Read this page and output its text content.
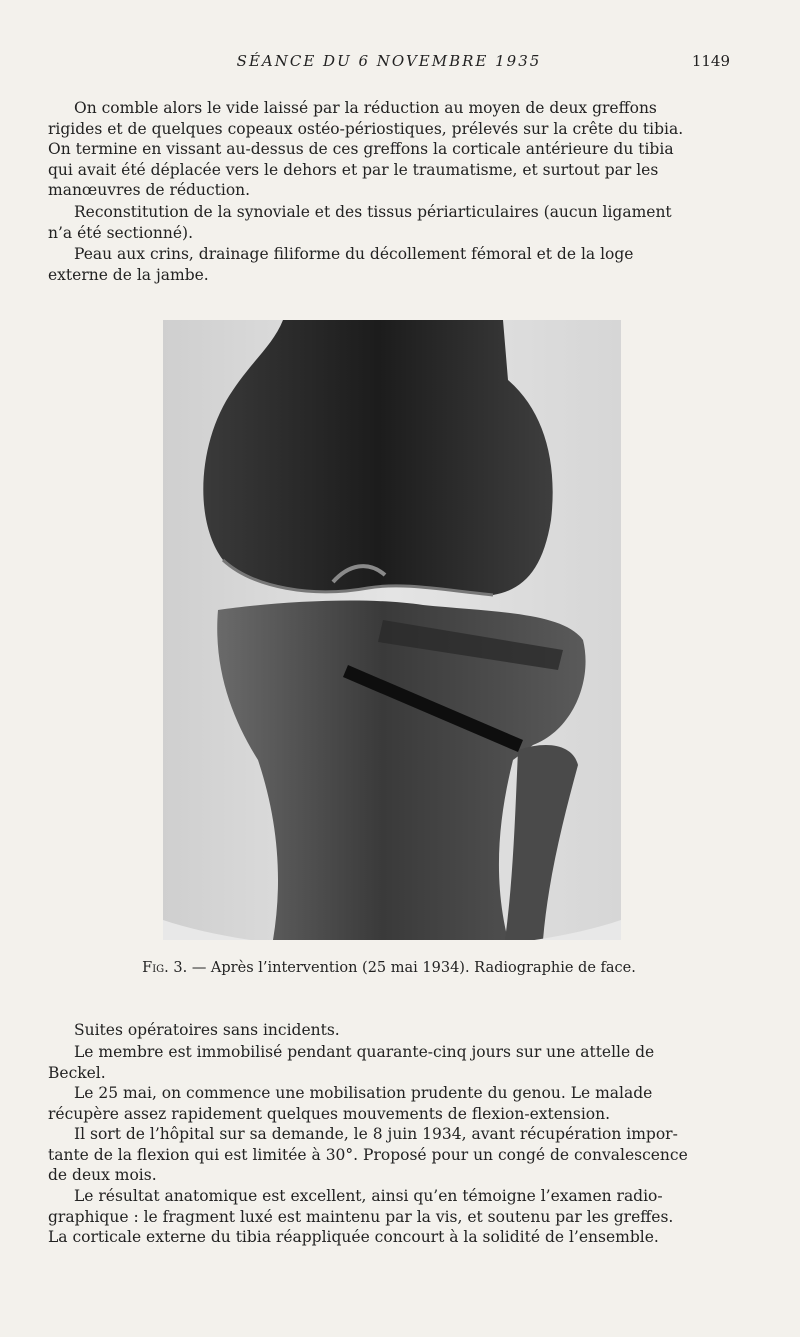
SÉANCE DU 6 NOVEMBRE 1935	1149

On comble alors le vide laissé par la réduction au moyen de deux greffons
rigides et de quelques copeaux ostéo-périostiques, prélevés sur la crête du tibia.
On termine en vissant au-dessus de ces greffons la corticale antérieure du tibia
qui avait été déplacée vers le dehors et par le traumatisme, et surtout par les
manœuvres de réduction.

Reconstitution de la synoviale et des tissus périarticulaires (aucun ligament
n’a été sectionné).

Peau aux crins, drainage filiforme du décollement fémoral et de la loge
externe de la jambe.

Fig. 3. — Après l’intervention (25 mai 1934). Radiographie de face.

Suites opératoires sans incidents.

Le membre est immobilisé pendant quarante-cinq jours sur une attelle de
Beckel.

Le 25 mai, on commence une mobilisation prudente du genou. Le malade
récupère assez rapidement quelques mouvements de flexion-extension.

Il sort de l’hôpital sur sa demande, le 8 juin 1934, avant récupération impor-
tante de la flexion qui est limitée à 30°. Proposé pour un congé de convalescence
de deux mois.

Le résultat anatomique est excellent, ainsi qu’en témoigne l’examen radio-
graphique : le fragment luxé est maintenu par la vis, et soutenu par les greffes.
La corticale externe du tibia réappliquée concourt à la solidité de l’ensemble.
